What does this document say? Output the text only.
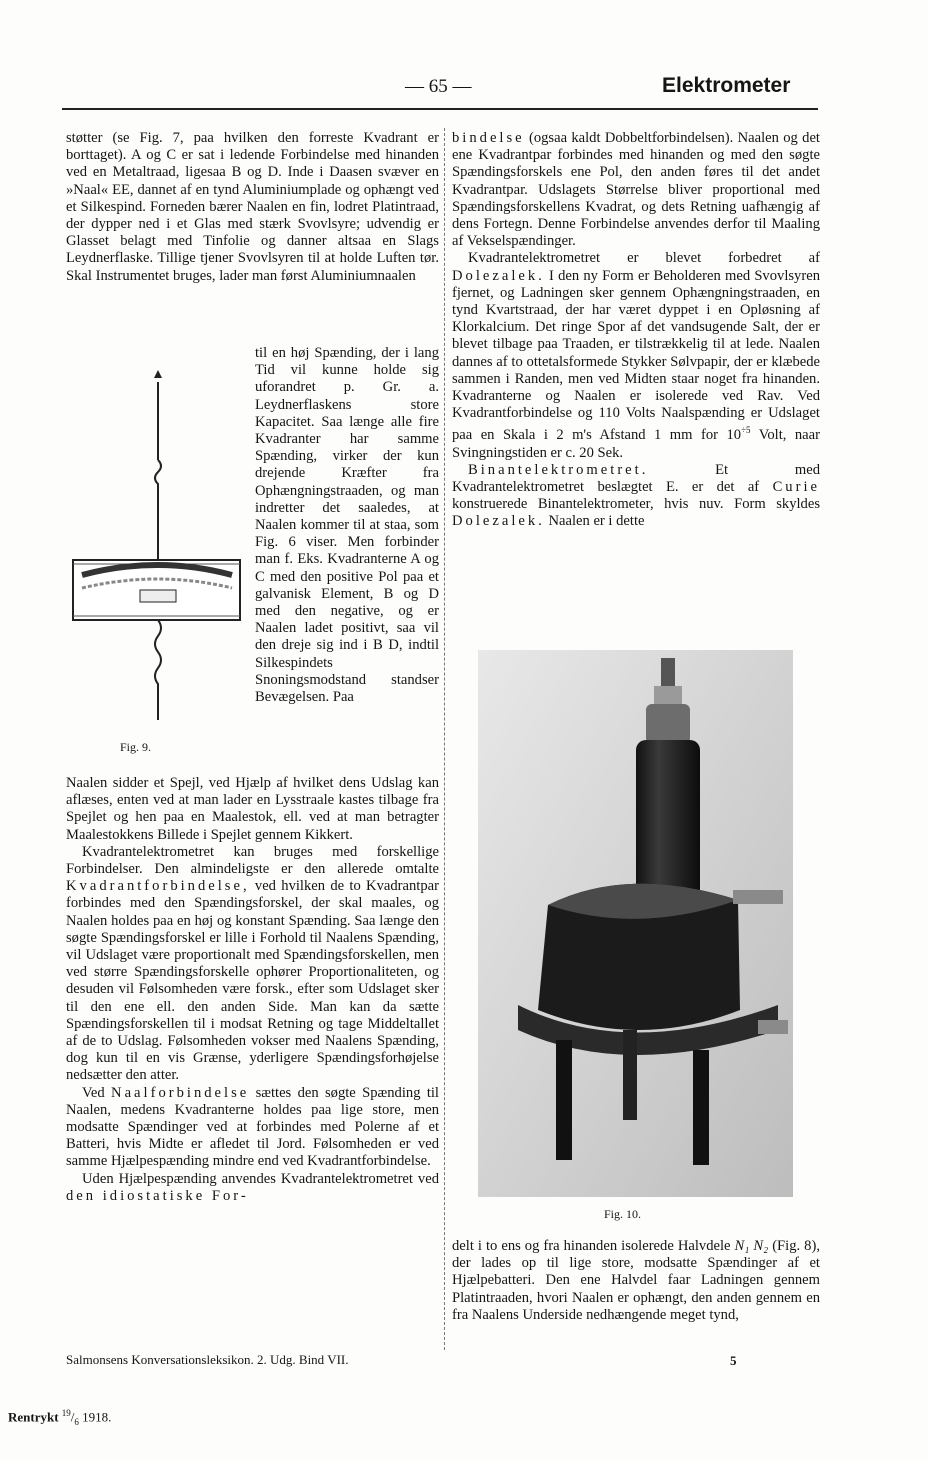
— 65 —	Elektrometer

støtter (se Fig. 7, paa hvilken den forreste Kvadrant er borttaget). A og C er sat i ledende Forbindelse med hinanden ved en Metaltraad, ligesaa B og D. Inde i Daasen svæver en »Naal« EE, dannet af en tynd Aluminiumplade og ophængt ved et Silkespind. Forneden bærer Naalen en fin, lodret Platintraad, der dypper ned i et Glas med stærk Svovlsyre; udvendig er Glasset belagt med Tinfolie og danner altsaa en Slags Leydnerflaske. Tillige tjener Svovlsyren til at holde Luften tør. Skal Instrumentet bruges, lader man først Aluminiumnaalen

til en høj Spænding, der i lang Tid vil kunne holde sig uforandret p. Gr. a. Leydnerflaskens store Kapacitet. Saa længe alle fire Kvadranter har samme Spænding, virker der kun drejende Kræfter fra Ophængningstraaden, og man indretter det saaledes, at Naalen kommer til at staa, som Fig. 6 viser. Men forbinder man f. Eks. Kvadranterne A og C med den positive Pol paa et galvanisk Element, B og D med den negative, og er Naalen ladet positivt, saa vil den dreje sig ind i B D, indtil Silkespindets Snoningsmodstand standser Bevægelsen. Paa

Fig. 9.

Naalen sidder et Spejl, ved Hjælp af hvilket dens Udslag kan aflæses, enten ved at man lader en Lysstraale kastes tilbage fra Spejlet og hen paa en Maalestok, ell. ved at man betragter Maalestokkens Billede i Spejlet gennem Kikkert.

Kvadrantelektrometret kan bruges med forskellige Forbindelser. Den almindeligste er den allerede omtalte Kvadrantforbindelse, ved hvilken de to Kvadrantpar forbindes med den Spændingsforskel, der skal maales, og Naalen holdes paa en høj og konstant Spænding. Saa længe den søgte Spændingsforskel er lille i Forhold til Naalens Spænding, vil Udslaget være proportionalt med Spændingsforskellen, men ved større Spændingsforskelle ophører Proportionaliteten, og desuden vil Følsomheden være forsk., efter som Udslaget sker til den ene ell. den anden Side. Man kan da sætte Spændingsforskellen til i modsat Retning og tage Middeltallet af de to Udslag. Følsomheden vokser med Naalens Spænding, dog kun til en vis Grænse, yderligere Spændingsforhøjelse nedsætter den atter.

Ved Naalforbindelse sættes den søgte Spænding til Naalen, medens Kvadranterne holdes paa lige store, men modsatte Spændinger ved at forbindes med Polerne af et Batteri, hvis Midte er afledet til Jord. Følsomheden er ved samme Hjælpespænding mindre end ved Kvadrantforbindelse.

Uden Hjælpespænding anvendes Kvadrantelektrometret ved den idiostatiske For-

bindelse (ogsaa kaldt Dobbeltforbindelsen). Naalen og det ene Kvadrantpar forbindes med hinanden og med den søgte Spændingsforskels ene Pol, den anden føres til det andet Kvadrantpar. Udslagets Størrelse bliver proportional med Spændingsforskellens Kvadrat, og dets Retning uafhængig af dens Fortegn. Denne Forbindelse anvendes derfor til Maaling af Vekselspændinger.

Kvadrantelektrometret er blevet forbedret af Dolezalek. I den ny Form er Beholderen med Svovlsyren fjernet, og Ladningen sker gennem Ophængningstraaden, en tynd Kvartstraad, der har været dyppet i en Opløsning af Klorkalcium. Det ringe Spor af det vandsugende Salt, der er blevet tilbage paa Traaden, er tilstrækkelig til at lede. Naalen dannes af to ottetalsformede Stykker Sølvpapir, der er klæbede sammen i Randen, men ved Midten staar noget fra hinanden. Kvadranterne og Naalen er isolerede ved Rav. Ved Kvadrantforbindelse og 110 Volts Naalspænding er Udslaget paa en Skala i 2 m's Afstand 1 mm for $10^{\div 5}$ Volt, naar Svingningstiden er c. 20 Sek.

Binantelektrometret.	Et med Kvadrantelektrometret beslægtet E. er det af Curie konstruerede Binantelektrometer, hvis nuv. Form skyldes Dolezalek. Naalen er i dette

Fig. 10.

delt i to ens og fra hinanden isolerede Halvdele N₁ N₂ (Fig. 8), der lades op til lige store, modsatte Spændinger af et Hjælpebatteri. Den ene Halvdel faar Ladningen gennem Platintraaden, hvori Naalen er ophængt, den anden gennem en fra Naalens Underside nedhængende meget tynd,

Salmonsens Konversationsleksikon. 2. Udg. Bind VII.	5
Rentrykt $^{19}/_6$ 1918.
